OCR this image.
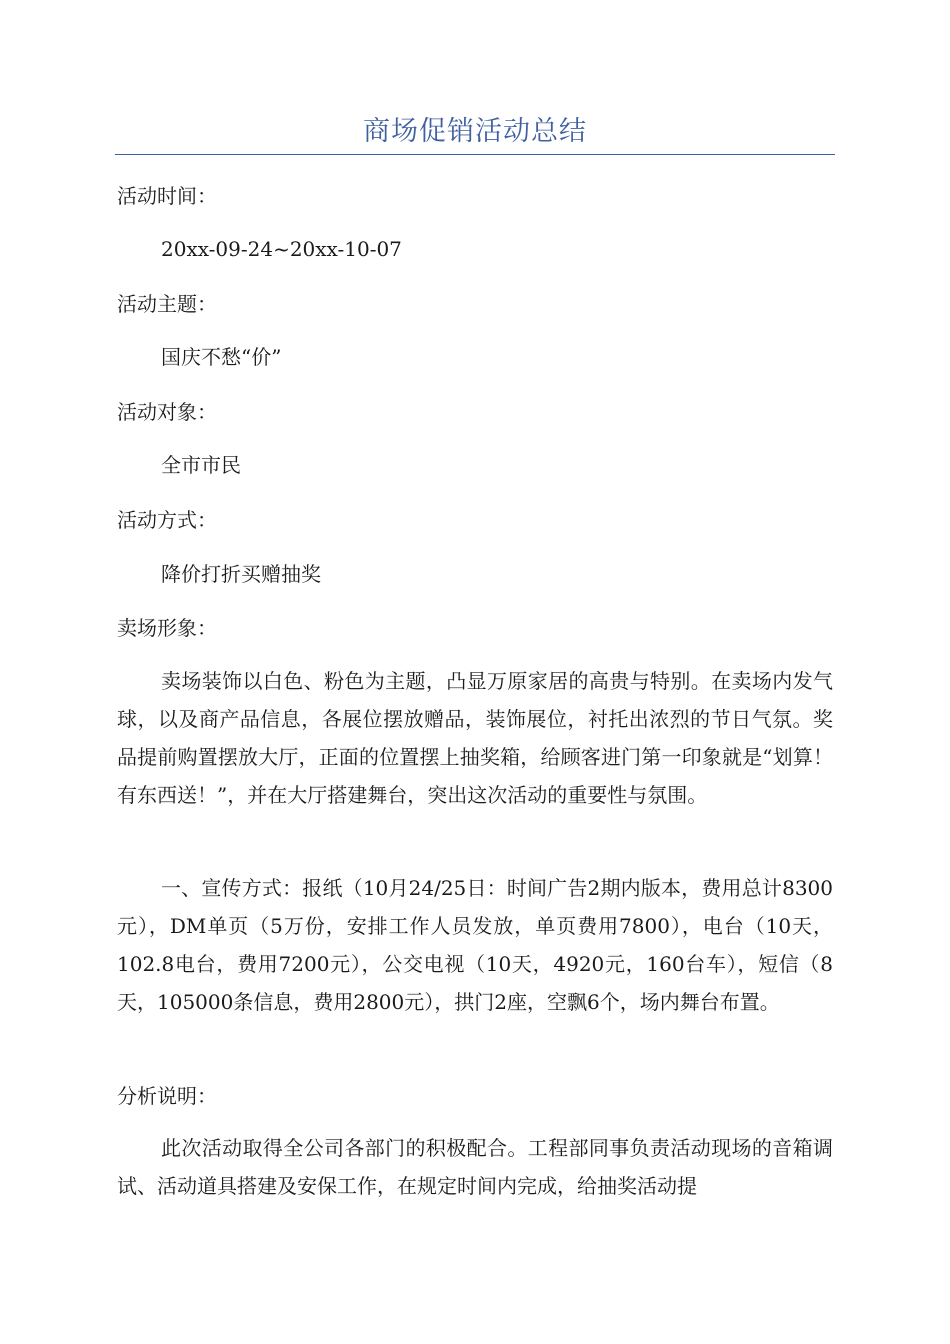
商场促销活动总结

活动时间：

20xx-09-24~20xx-10-07

活动主题：

国庆不愁“价”

活动对象：

全市市民

活动方式：

降价打折买赠抽奖

卖场形象：

卖场装饰以白色、粉色为主题，凸显万原家居的高贵与特别。在卖场内发气球，以及商产品信息，各展位摆放赠品，装饰展位，衬托出浓烈的节日气氛。奖品提前购置摆放大厅，正面的位置摆上抽奖箱，给顾客进门第一印象就是“划算！有东西送！”，并在大厅搭建舞台，突出这次活动的重要性与氛围。

一、宣传方式：报纸（10月24/25日：时间广告2期内版本，费用总计8300元），DM单页（5万份，安排工作人员发放，单页费用7800），电台（10天，102.8电台，费用7200元），公交电视（10天，4920元，160台车），短信（8天，105000条信息，费用2800元），拱门2座，空飘6个，场内舞台布置。

分析说明：

此次活动取得全公司各部门的积极配合。工程部同事负责活动现场的音箱调试、活动道具搭建及安保工作，在规定时间内完成，给抽奖活动提
